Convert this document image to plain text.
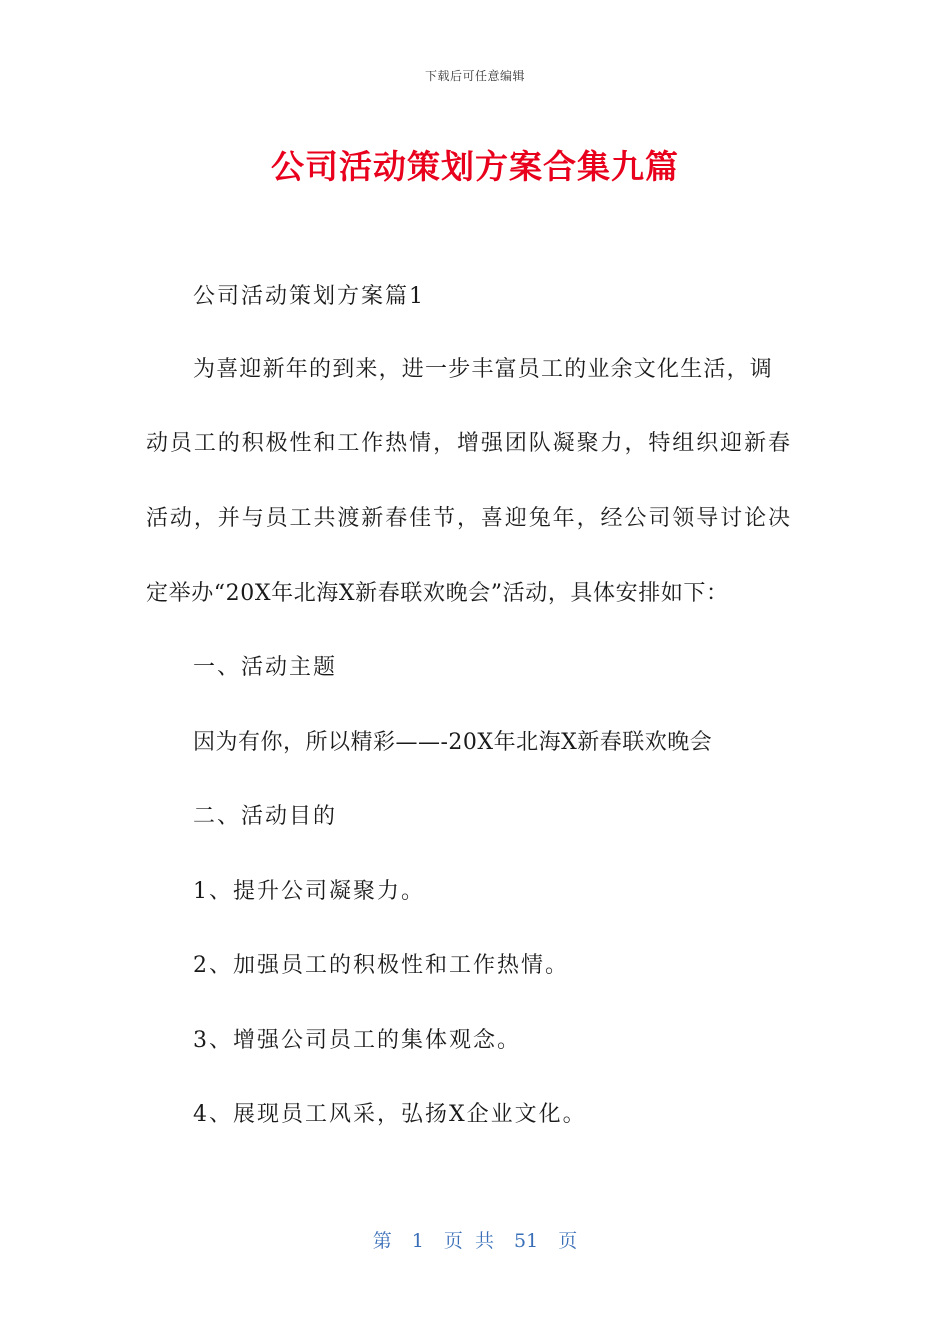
下载后可任意编辑
公司活动策划方案合集九篇
公司活动策划方案篇1
为喜迎新年的到来，进一步丰富员工的业余文化生活，调
动员工的积极性和工作热情，增强团队凝聚力，特组织迎新春
活动，并与员工共渡新春佳节，喜迎兔年，经公司领导讨论决
定举办“20X年北海X新春联欢晚会”活动，具体安排如下：
一、活动主题
因为有你，所以精彩——-20X年北海X新春联欢晚会
二、活动目的
1、提升公司凝聚力。
2、加强员工的积极性和工作热情。
3、增强公司员工的集体观念。
4、展现员工风采，弘扬X企业文化。
第 1 页 共 51 页
